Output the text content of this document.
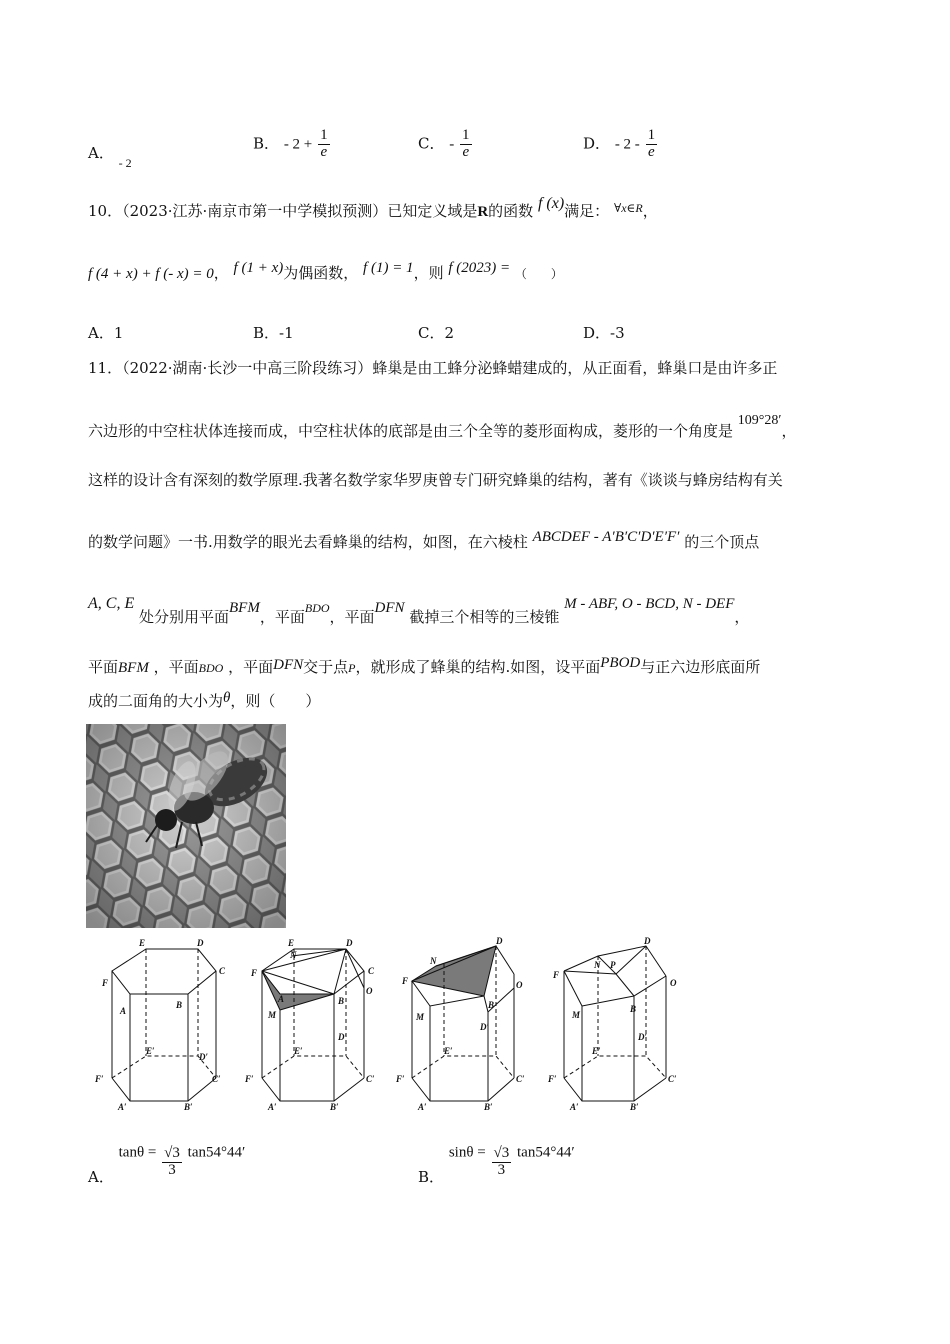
A． $_{- 2}$
B． - $2 + \frac{1}{e}$	C． - $\frac{1}{e}$	D． - $2 - \frac{1}{e}$
10．（2023·江苏·南京市第一中学模拟预测）已知定义域是R的函数 f (x)满足： $^{\forall x\in R}$，
f (4 + x) + f (- x) = 0， f (1 + x)为偶函数， f (1) = 1，则 f (2023) = （　　）
A．1	B．-1	C．2	D．-3
11．（2022·湖南·长沙一中高三阶段练习）蜂巢是由工蜂分泌蜂蜡建成的，从正面看，蜂巢口是由许多正
六边形的中空柱状体连接而成，中空柱状体的底部是由三个全等的菱形面构成，菱形的一个角度是 109°28′，
这样的设计含有深刻的数学原理.我著名数学家华罗庚曾专门研究蜂巢的结构，著有《谈谈与蜂房结构有关
的数学问题》一书.用数学的眼光去看蜂巢的结构，如图，在六棱柱 ABCDEF - A′B′C′D′E′F′ 的三个顶点
A, C, E 处分别用平面BFM，平面$^{BDO}$，平面DFN 截掉三个相等的三棱锥 M - ABF, O - BCD, N - DEF，
平面BFM ，平面BDO ，平面DFN交于点P，就形成了蜂巢的结构.如图，设平面PBOD与正六边形底面所
成的二面角的大小为θ，则（　　）
E	D
C
F
A
B
E′
D′
F′	C′
A′	B′
E	D
N
C
O
F
A
M
B
E′
D′
F′	C′
A′	B′
D
N
F	O
M
B
E′
D′
F′	C′
A′	B′
D
N P
F
O
M
B
E′
D′
F′	C′
A′	B′
A． $\tan\theta = \frac{√3}{3} \tan 54^\circ 44'$
B． $\sin\theta = \frac{√3}{3} \tan 54^\circ 44'$
